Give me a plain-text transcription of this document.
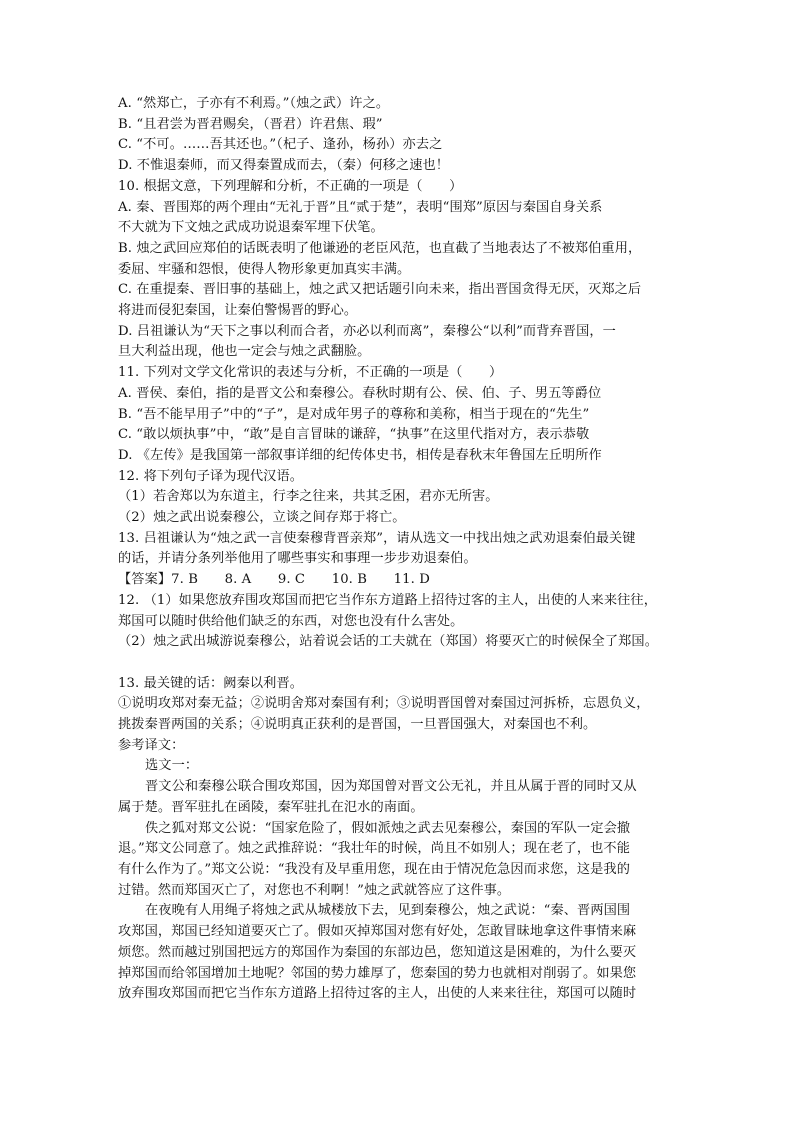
A. “然郑亡，子亦有不利焉。”（烛之武）许之。
B. “且君尝为晋君赐矣，（晋君）许君焦、瑕”
C. “不可。……吾其还也。”（杞子、逢孙，杨孙）亦去之
D. 不惟退秦师，而又得秦置成而去，（秦）何移之速也！
10. 根据文意，下列理解和分析，不正确的一项是（　　）
A. 秦、晋围郑的两个理由“无礼于晋”且“贰于楚”，表明“围郑”原因与秦国自身关系
不大就为下文烛之武成功说退秦军埋下伏笔。
B. 烛之武回应郑伯的话既表明了他谦逊的老臣风范，也直截了当地表达了不被郑伯重用，
委屈、牢骚和怨恨，使得人物形象更加真实丰满。
C. 在重提秦、晋旧事的基础上，烛之武又把话题引向未来，指出晋国贪得无厌，灭郑之后
将进而侵犯秦国，让秦伯警惕晋的野心。
D. 吕祖谦认为“天下之事以利而合者，亦必以利而离”，秦穆公“以利”而背弃晋国，一
旦大利益出现，他也一定会与烛之武翻脸。
11. 下列对文学文化常识的表述与分析，不正确的一项是（　　）
A. 晋侯、秦伯，指的是晋文公和秦穆公。春秋时期有公、侯、伯、子、男五等爵位
B. “吾不能早用子”中的“子”，是对成年男子的尊称和美称，相当于现在的“先生”
C. “敢以烦执事”中，“敢”是自言冒昧的谦辞，“执事”在这里代指对方，表示恭敬
D. 《左传》是我国第一部叙事详细的纪传体史书，相传是春秋末年鲁国左丘明所作
12. 将下列句子译为现代汉语。
（1）若舍郑以为东道主，行李之往来，共其乏困，君亦无所害。
（2）烛之武出说秦穆公，立谈之间存郑于将亡。
13. 吕祖谦认为“烛之武一言使秦穆背晋亲郑”，请从选文一中找出烛之武劝退秦伯最关键
的话，并请分条列举他用了哪些事实和事理一步步劝退秦伯。
【答案】7. B　　8. A　　9. C　　10. B　　11. D
12. （1）如果您放弃围攻郑国而把它当作东方道路上招待过客的主人，出使的人来来往往，
郑国可以随时供给他们缺乏的东西，对您也没有什么害处。
（2）烛之武出城游说秦穆公，站着说会话的工夫就在（郑国）将要灭亡的时候保全了郑国。
13. 最关键的话：阙秦以利晋。
①说明攻郑对秦无益；②说明舍郑对秦国有利；③说明晋国曾对秦国过河拆桥，忘恩负义，
挑拨秦晋两国的关系；④说明真正获利的是晋国，一旦晋国强大，对秦国也不利。
参考译文：
选文一：
晋文公和秦穆公联合围攻郑国，因为郑国曾对晋文公无礼，并且从属于晋的同时又从
属于楚。晋军驻扎在函陵，秦军驻扎在氾水的南面。
佚之狐对郑文公说：“国家危险了，假如派烛之武去见秦穆公，秦国的军队一定会撤
退。”郑文公同意了。烛之武推辞说：“我壮年的时候，尚且不如别人；现在老了，也不能
有什么作为了。”郑文公说：“我没有及早重用您，现在由于情况危急因而求您，这是我的
过错。然而郑国灭亡了，对您也不利啊！”烛之武就答应了这件事。
在夜晚有人用绳子将烛之武从城楼放下去，见到秦穆公，烛之武说：“秦、晋两国围
攻郑国，郑国已经知道要灭亡了。假如灭掉郑国对您有好处，怎敢冒昧地拿这件事情来麻
烦您。然而越过别国把远方的郑国作为秦国的东部边邑，您知道这是困难的，为什么要灭
掉郑国而给邻国增加土地呢？邻国的势力雄厚了，您秦国的势力也就相对削弱了。如果您
放弃围攻郑国而把它当作东方道路上招待过客的主人，出使的人来来往往，郑国可以随时
